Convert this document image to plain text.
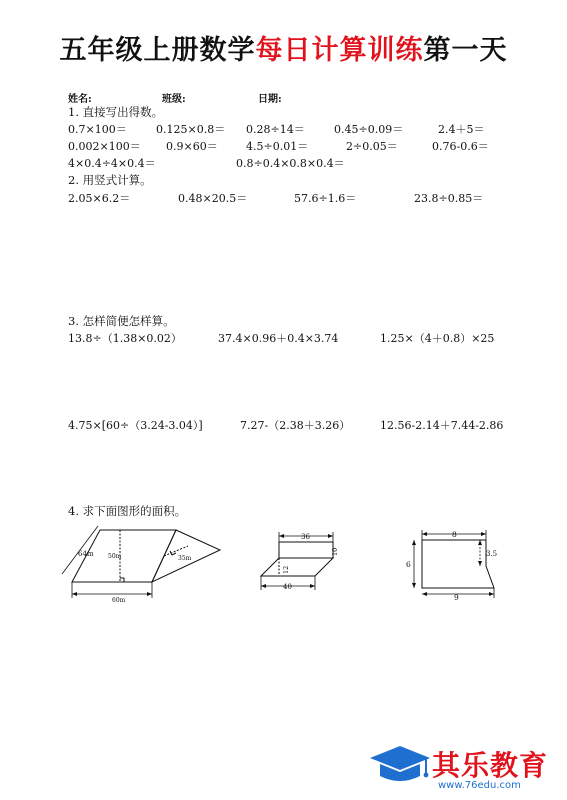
五年级上册数学每日计算训练第一天
姓名:	班级:	日期:
1. 直接写出得数。
0.7×100＝	0.125×0.8＝ 0.28÷14＝	0.45÷0.09＝	2.4＋5＝
0.002×100＝ 0.9×60＝	4.5÷0.01＝	2÷0.05＝	0.76-0.6＝
4×0.4÷4×0.4＝	0.8÷0.4×0.8×0.4＝
2. 用竖式计算。
2.05×6.2＝	0.48×20.5＝	57.6÷1.6＝	23.8÷0.85＝
3. 怎样简便怎样算。
13.8÷（1.38×0.02）	37.4×0.96＋0.4×3.74	1.25×（4＋0.8）×25
4.75×[60÷（3.24-3.04）]	7.27-（2.38＋3.26）	12.56-2.14＋7.44-2.86
4. 求下面图形的面积。
64m 50m	35m
60m
36
10
12
40
8
6
3.5
9
其乐教育
www.76edu.com
